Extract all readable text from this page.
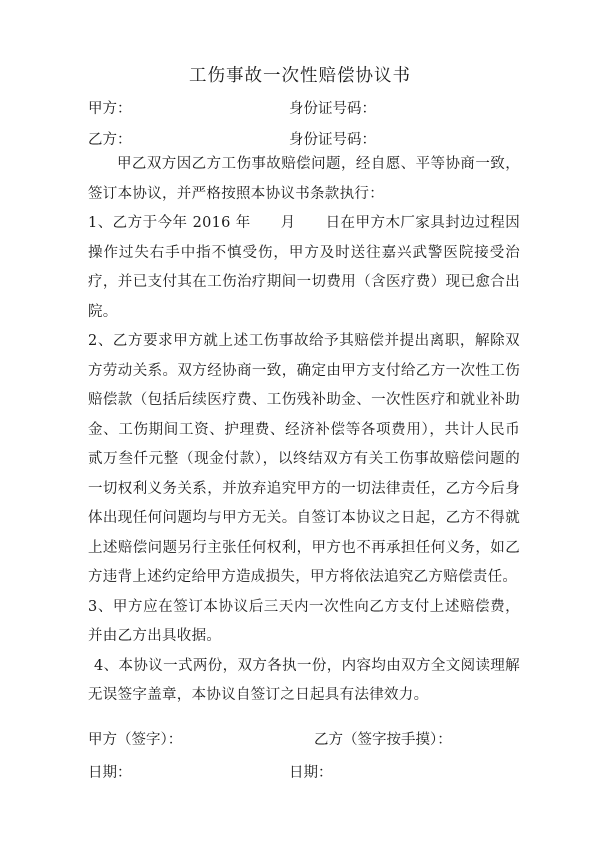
工伤事故一次性赔偿协议书
甲方：	身份证号码：
乙方：	身份证号码：

甲乙双方因乙方工伤事故赔偿问题，经自愿、平等协商一致，签订本协议，并严格按照本协议书条款执行：

1、乙方于今年 2016 年　　月　　日在甲方木厂家具封边过程因操作过失右手中指不慎受伤，甲方及时送往嘉兴武警医院接受治疗，并已支付其在工伤治疗期间一切费用（含医疗费）现已愈合出院。

2、乙方要求甲方就上述工伤事故给予其赔偿并提出离职，解除双方劳动关系。双方经协商一致，确定由甲方支付给乙方一次性工伤赔偿款（包括后续医疗费、工伤残补助金、一次性医疗和就业补助金、工伤期间工资、护理费、经济补偿等各项费用），共计人民币贰万叁仟元整（现金付款），以终结双方有关工伤事故赔偿问题的一切权利义务关系，并放弃追究甲方的一切法律责任，乙方今后身体出现任何问题均与甲方无关。自签订本协议之日起，乙方不得就上述赔偿问题另行主张任何权利，甲方也不再承担任何义务，如乙方违背上述约定给甲方造成损失，甲方将依法追究乙方赔偿责任。

3、甲方应在签订本协议后三天内一次性向乙方支付上述赔偿费，并由乙方出具收据。

4、本协议一式两份，双方各执一份，内容均由双方全文阅读理解无误签字盖章，本协议自签订之日起具有法律效力。

甲方（签字）：	乙方（签字按手摸）：
日期：	日期：
